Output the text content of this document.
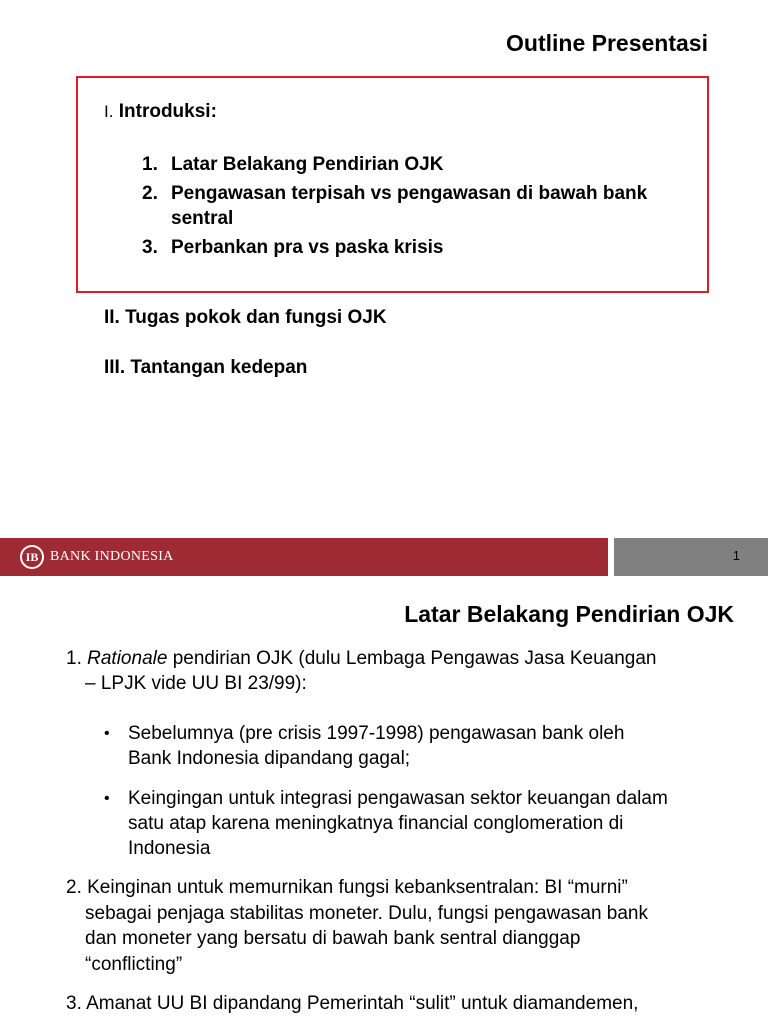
Outline Presentasi
I. Introduksi:
1. Latar Belakang Pendirian OJK
2. Pengawasan terpisah vs pengawasan di bawah bank sentral
3. Perbankan pra vs paska krisis
II. Tugas pokok dan fungsi OJK
III. Tantangan kedepan
IB BANK INDONESIA	1
Latar Belakang Pendirian OJK
1. Rationale pendirian OJK (dulu Lembaga Pengawas Jasa Keuangan
– LPJK vide UU BI 23/99):
• Sebelumnya (pre crisis 1997-1998) pengawasan bank oleh
Bank Indonesia dipandang gagal;
• Keingingan untuk integrasi pengawasan sektor keuangan dalam
satu atap karena meningkatnya financial conglomeration di
Indonesia
2. Keinginan untuk memurnikan fungsi kebanksentralan: BI “murni”
sebagai penjaga stabilitas moneter. Dulu, fungsi pengawasan bank
dan moneter yang bersatu di bawah bank sentral dianggap
“conflicting”
3. Amanat UU BI dipandang Pemerintah “sulit” untuk diamandemen,
